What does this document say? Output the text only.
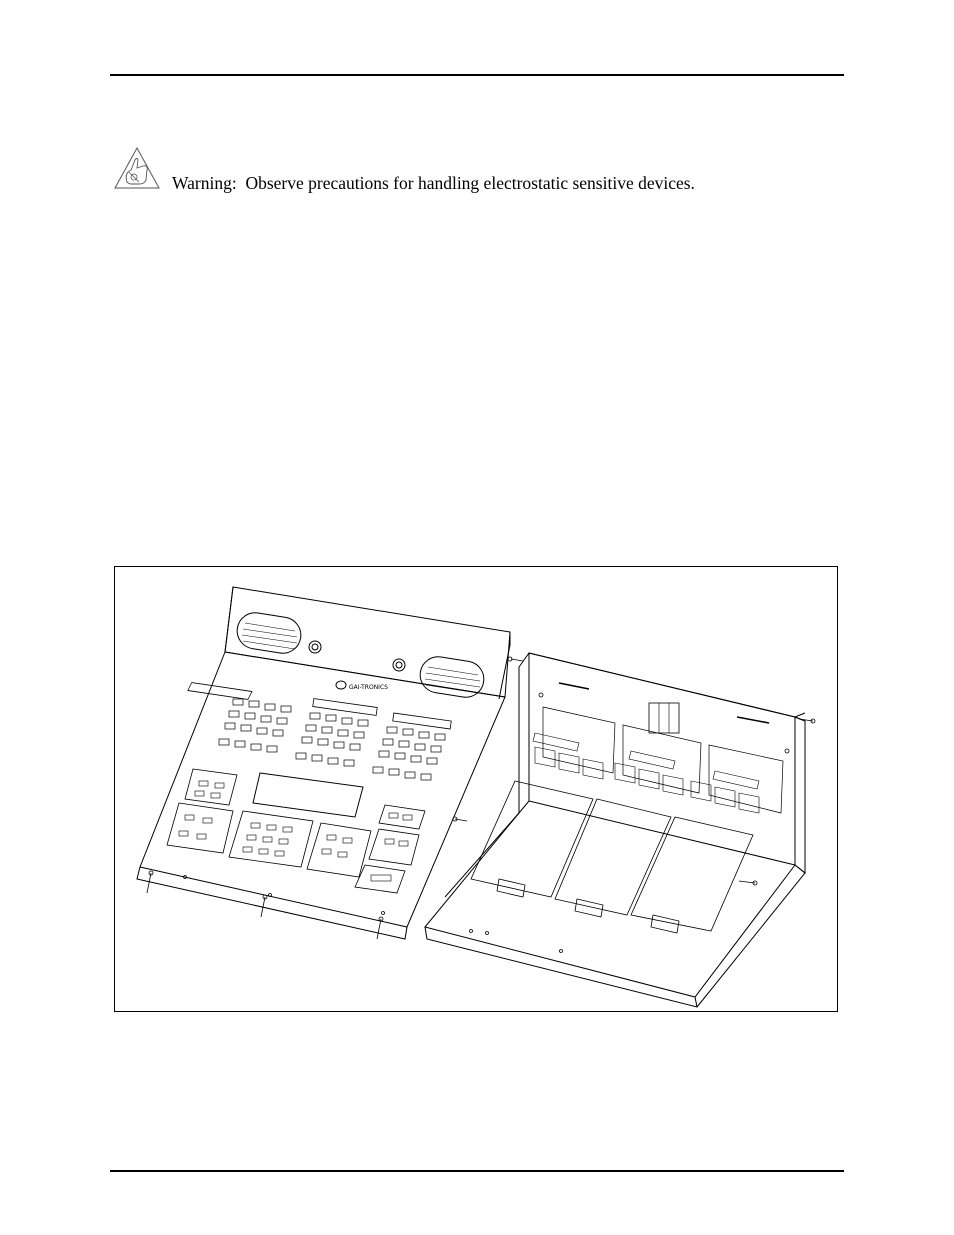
Warning: Observe precautions for handling electrostatic sensitive devices.
GAI-TRONICS
